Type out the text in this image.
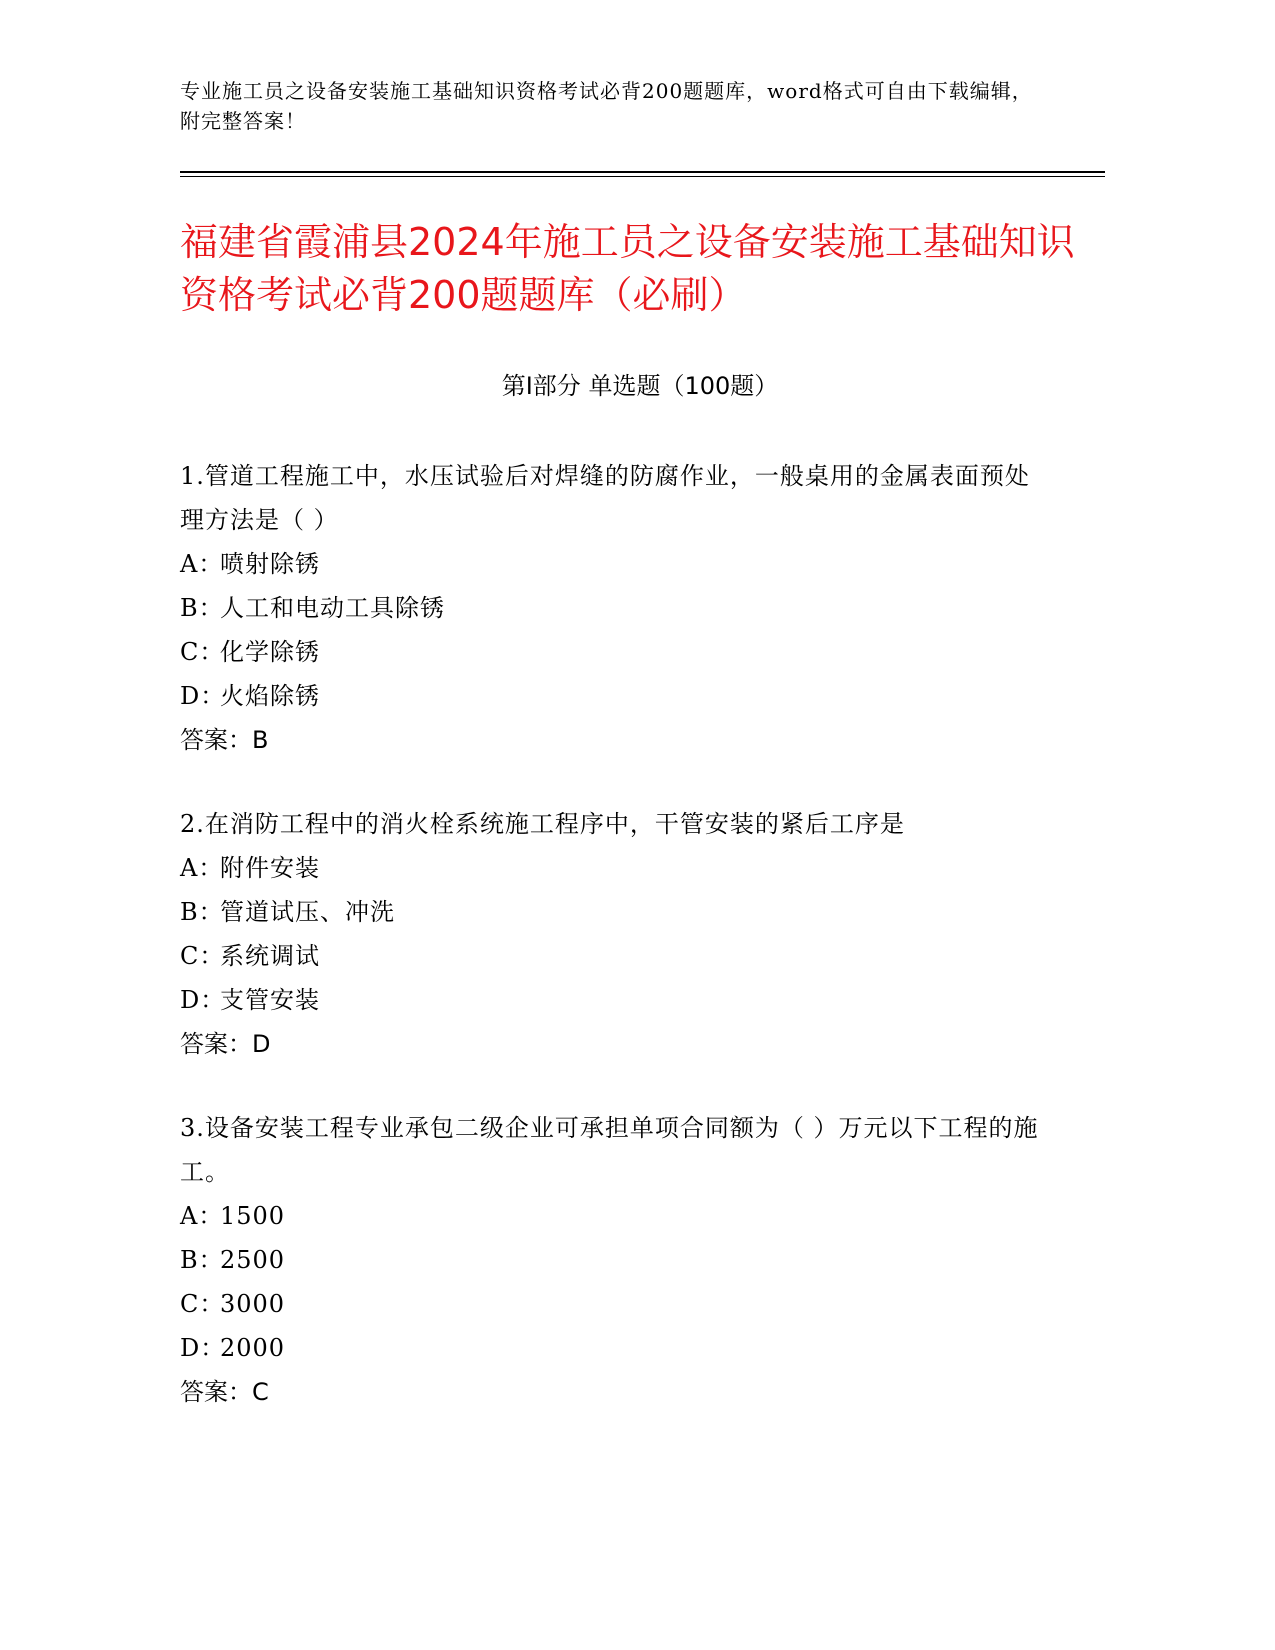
专业施工员之设备安装施工基础知识资格考试必背200题题库，word格式可自由下载编辑，附完整答案！
福建省霞浦县2024年施工员之设备安装施工基础知识资格考试必背200题题库（必刷）
第Ⅰ部分 单选题（100题）
1.管道工程施工中，水压试验后对焊缝的防腐作业，一般桌用的金属表面预处理方法是（ ）
A：喷射除锈
B：人工和电动工具除锈
C：化学除锈
D：火焰除锈
答案：B
2.在消防工程中的消火栓系统施工程序中，干管安装的紧后工序是
A：附件安装
B：管道试压、冲洗
C：系统调试
D：支管安装
答案：D
3.设备安装工程专业承包二级企业可承担单项合同额为（ ）万元以下工程的施工。
A：1500
B：2500
C：3000
D：2000
答案：C
